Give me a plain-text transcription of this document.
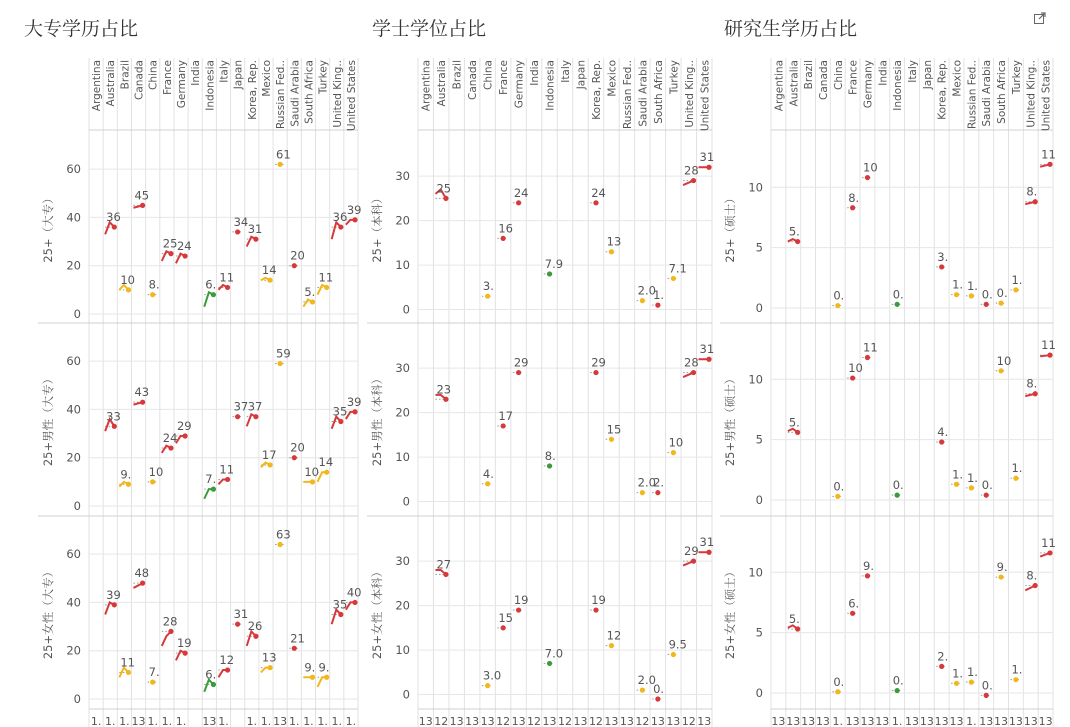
大专学历占比	学士学位占比	研究生学历占比
Argentina Australia Brazil Canada China France Germany India Indonesia Italy Japan Korea, Rep. Mexico Russian Fed.. Saudi Arabia South Africa Turkey United King.. United States
0
20
40
60
25+（大专）	36
10
45
8.
25 24
6.
11
34
31
14
61
20
5.
11
36
39
0
20
40
60
25+男性（大专）	33
9.
43
10
24
29
7.
11
37 37
17
59
20
10
14
35
39
0
20
40
60
25+女性（大专）	39
11
48
7.
28
19
6.
12
31
26
13
63
21
9. 9.
35
40
1. 1. 1. 13 1. 1. 1. 13 1. 1. 1. 13 1. 1. 1. 1. 1.
Argentina Australia Brazil Canada China France Germany India Indonesia Italy Japan Korea, Rep. Mexico Russian Fed.. Saudi Arabia South Africa Turkey United King.. United States
0
10
20
30
25+（本科）
25
3.
16
24
7.9
24
13
2.0
1.
7.1
28
31
0
10
20
30
25+男性（本科）	23
4.
17
29
8.
29
15
2.0
2.
10
28
31
0
10
20
30
25+女性（本科）
27
3.0
15
19
7.0
19
12
2.0
0.
9.5
29
31
13 12 13 13 13 12 13 12 13 12 13 12 13 13 12 13 13 12 13
Argentina Australia Brazil Canada China France Germany India Indonesia Italy Japan Korea, Rep. Mexico Russian Fed.. Saudi Arabia South Africa Turkey United King.. United States
0
5
10
25+（硕士）	5.
0.
8.
10
0.
3.
1. 1.
0. 0.
1.
8.
11
0
5
10
25+男性（硕士）	5.
0.
10
11
0.
4.
1. 1.
0.
10
1.
8.
11
0
5
10
25+女性（硕士）	5.
0.
6.
9.
0.
2.
1. 1.
0.
9.
1.
8.
11
13 13 13 13 1. 13 13 13 1. 13 13 13 13 1. 13 13 13 13 13
